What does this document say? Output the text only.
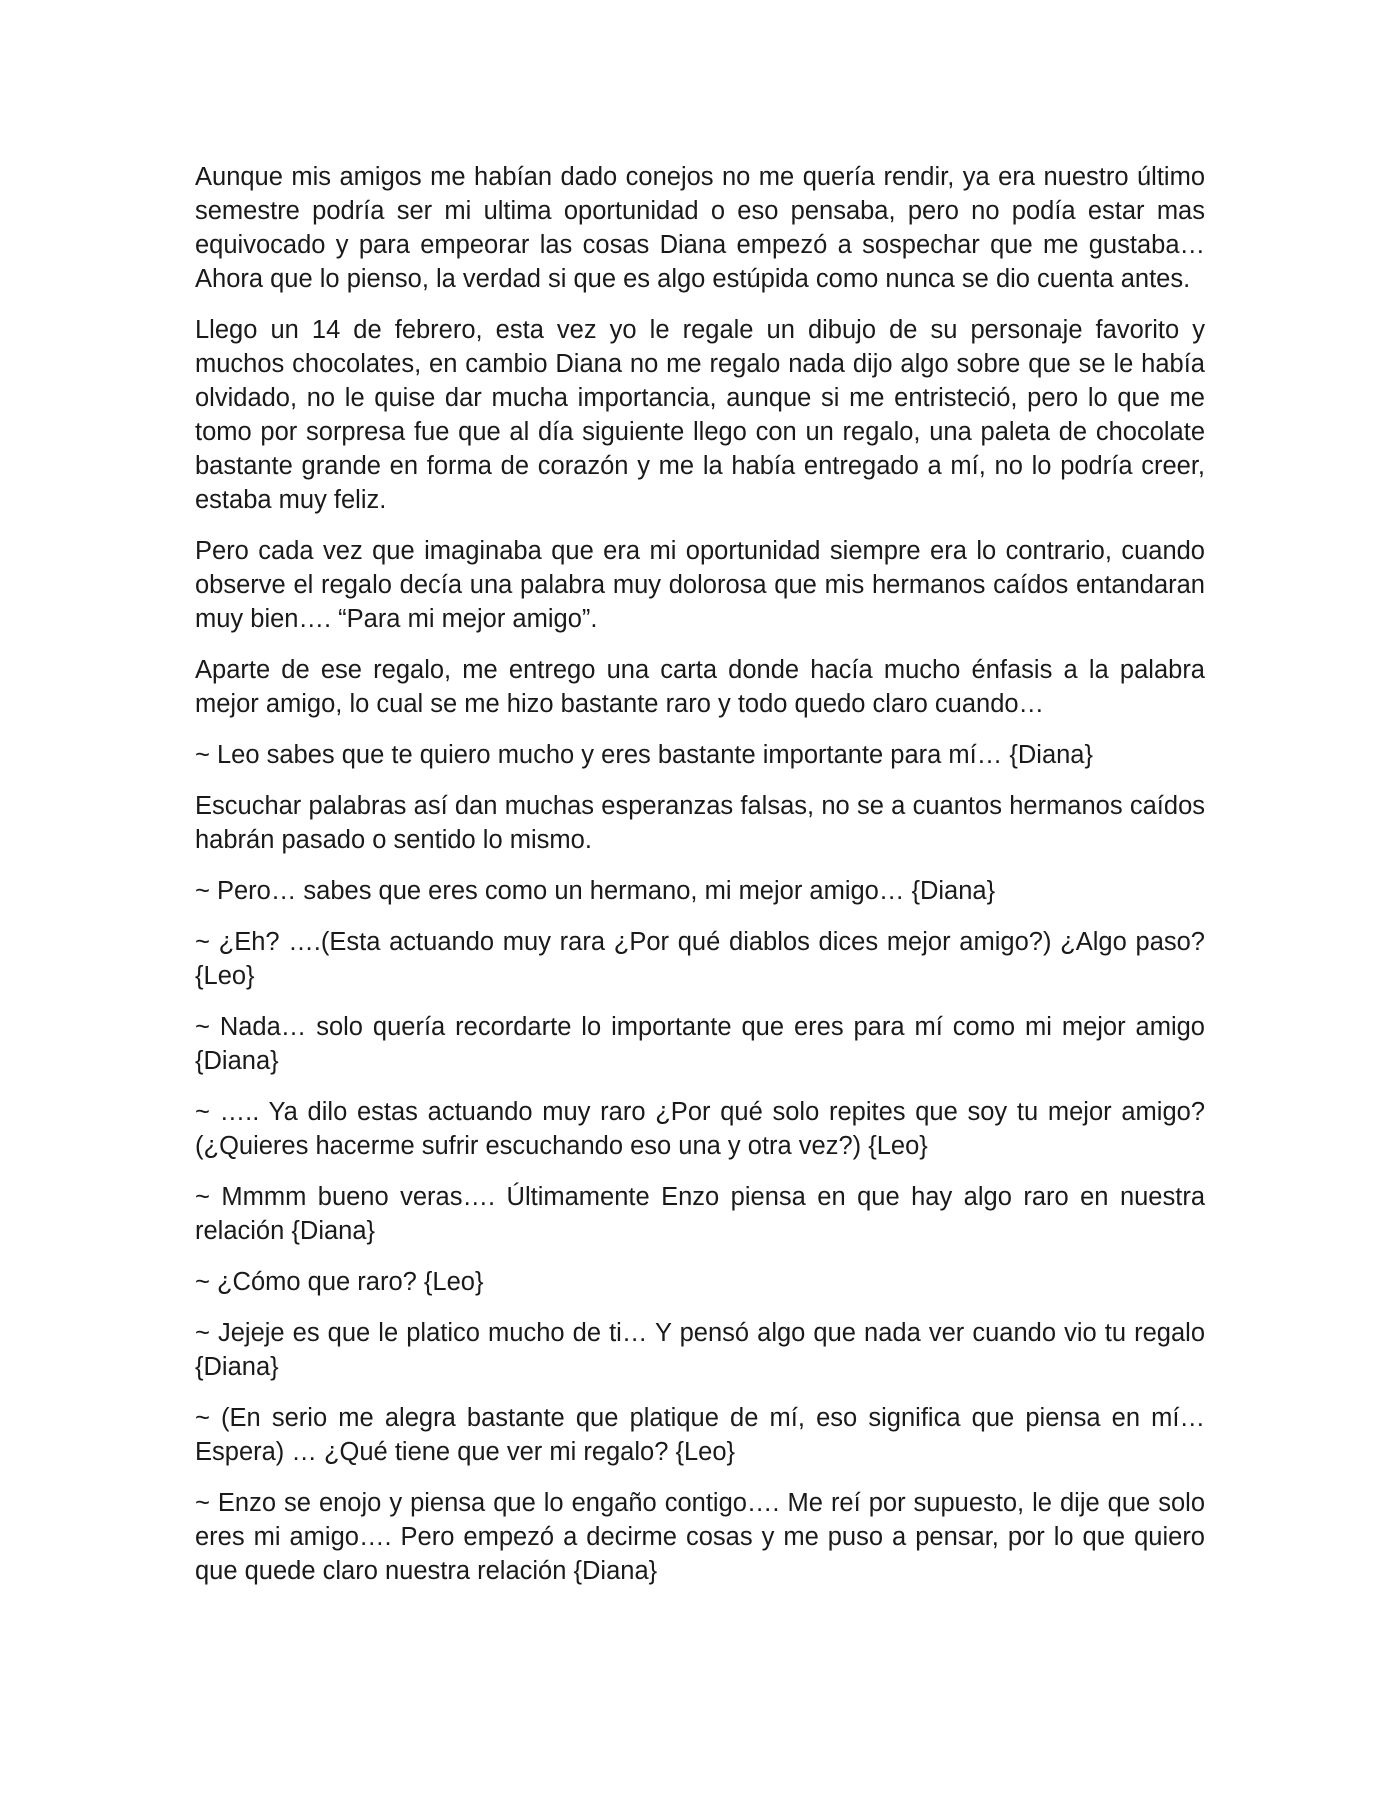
Aunque mis amigos me habían dado conejos no me quería rendir, ya era nuestro último semestre podría ser mi ultima oportunidad o eso pensaba, pero no podía estar mas equivocado y para empeorar las cosas Diana empezó a sospechar que me gustaba… Ahora que lo pienso, la verdad si que es algo estúpida como nunca se dio cuenta antes.

Llego un 14 de febrero, esta vez yo le regale un dibujo de su personaje favorito y muchos chocolates, en cambio Diana no me regalo nada dijo algo sobre que se le había olvidado, no le quise dar mucha importancia, aunque si me entristeció, pero lo que me tomo por sorpresa fue que al día siguiente llego con un regalo, una paleta de chocolate bastante grande en forma de corazón y me la había entregado a mí, no lo podría creer, estaba muy feliz.

Pero cada vez que imaginaba que era mi oportunidad siempre era lo contrario, cuando observe el regalo decía una palabra muy dolorosa que mis hermanos caídos entandaran muy bien…. “Para mi mejor amigo”.

Aparte de ese regalo, me entrego una carta donde hacía mucho énfasis a la palabra mejor amigo, lo cual se me hizo bastante raro y todo quedo claro cuando…

~ Leo sabes que te quiero mucho y eres bastante importante para mí… {Diana}

Escuchar palabras así dan muchas esperanzas falsas, no se a cuantos hermanos caídos habrán pasado o sentido lo mismo.

~ Pero… sabes que eres como un hermano, mi mejor amigo… {Diana}

~ ¿Eh? ….(Esta actuando muy rara ¿Por qué diablos dices mejor amigo?) ¿Algo paso? {Leo}

~ Nada… solo quería recordarte lo importante que eres para mí como mi mejor amigo {Diana}

~ ….. Ya dilo estas actuando muy raro ¿Por qué solo repites que soy tu mejor amigo? (¿Quieres hacerme sufrir escuchando eso una y otra vez?) {Leo}

~ Mmmm bueno veras…. Últimamente Enzo piensa en que hay algo raro en nuestra relación {Diana}

~ ¿Cómo que raro? {Leo}

~ Jejeje es que le platico mucho de ti… Y pensó algo que nada ver cuando vio tu regalo {Diana}

~ (En serio me alegra bastante que platique de mí, eso significa que piensa en mí… Espera) … ¿Qué tiene que ver mi regalo? {Leo}

~ Enzo se enojo y piensa que lo engaño contigo…. Me reí por supuesto, le dije que solo eres mi amigo…. Pero empezó a decirme cosas y me puso a pensar, por lo que quiero que quede claro nuestra relación {Diana}
